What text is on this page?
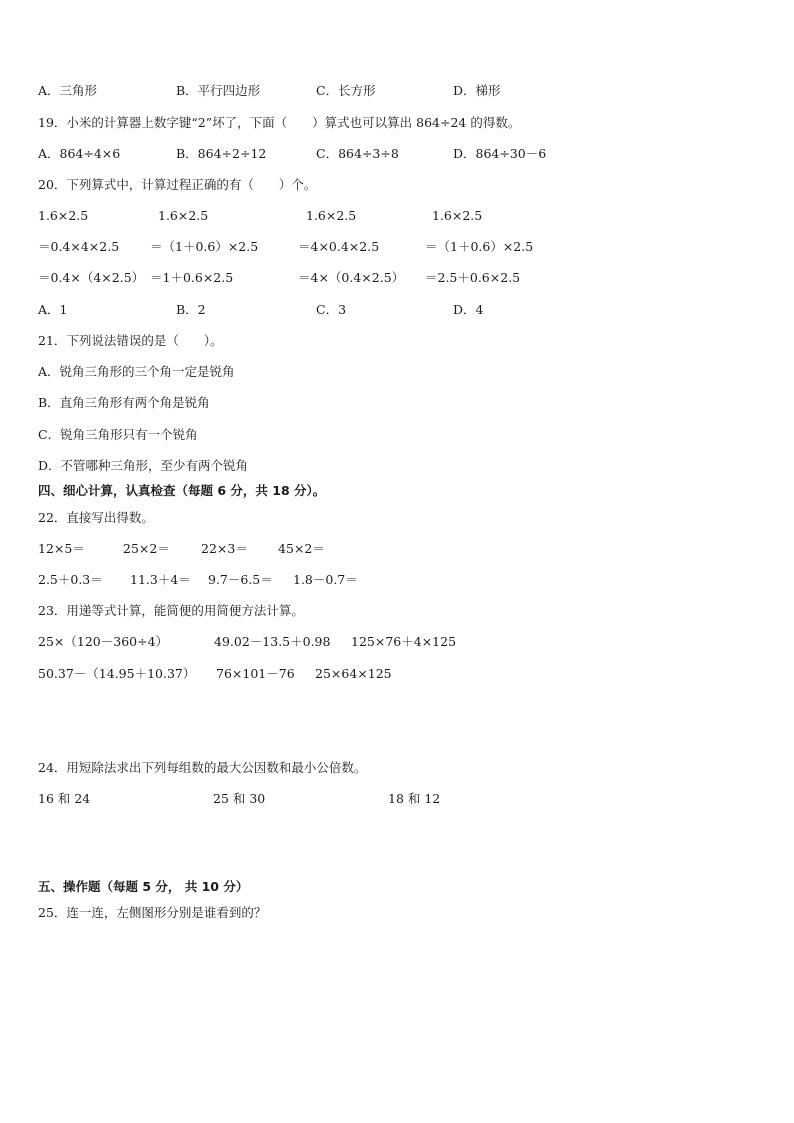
A．三角形	B．平行四边形	C．长方形	D．梯形
19．小米的计算器上数字键“2”坏了，下面（　　）算式也可以算出 864÷24 的得数。
A．864÷4×6	B．864÷2÷12	C．864÷3÷8	D．864÷30－6
20．下列算式中，计算过程正确的有（　　）个。
1.6×2.5	1.6×2.5	1.6×2.5	1.6×2.5
＝0.4×4×2.5 ＝（1＋0.6）×2.5	＝4×0.4×2.5	＝（1＋0.6）×2.5
＝0.4×（4×2.5） ＝1＋0.6×2.5	＝4×（0.4×2.5） ＝2.5＋0.6×2.5
A．1	B．2	C．3	D．4
21．下列说法错误的是（　　）。
A．锐角三角形的三个角一定是锐角
B．直角三角形有两个角是锐角
C．锐角三角形只有一个锐角
D．不管哪种三角形，至少有两个锐角
四、细心计算，认真检查（每题 6 分，共 18 分）。
22．直接写出得数。
12×5＝	25×2＝ 22×3＝ 45×2＝
2.5＋0.3＝ 11.3＋4＝ 9.7－6.5＝ 1.8－0.7＝
23．用递等式计算，能简便的用简便方法计算。
25×（120－360÷4）	49.02－13.5＋0.98 125×76＋4×125
50.37－（14.95＋10.37） 76×101－76 25×64×125
24．用短除法求出下列每组数的最大公因数和最小公倍数。
16 和 24	25 和 30	18 和 12
五、操作题（每题 5 分， 共 10 分）
25．连一连，左侧图形分别是谁看到的？
